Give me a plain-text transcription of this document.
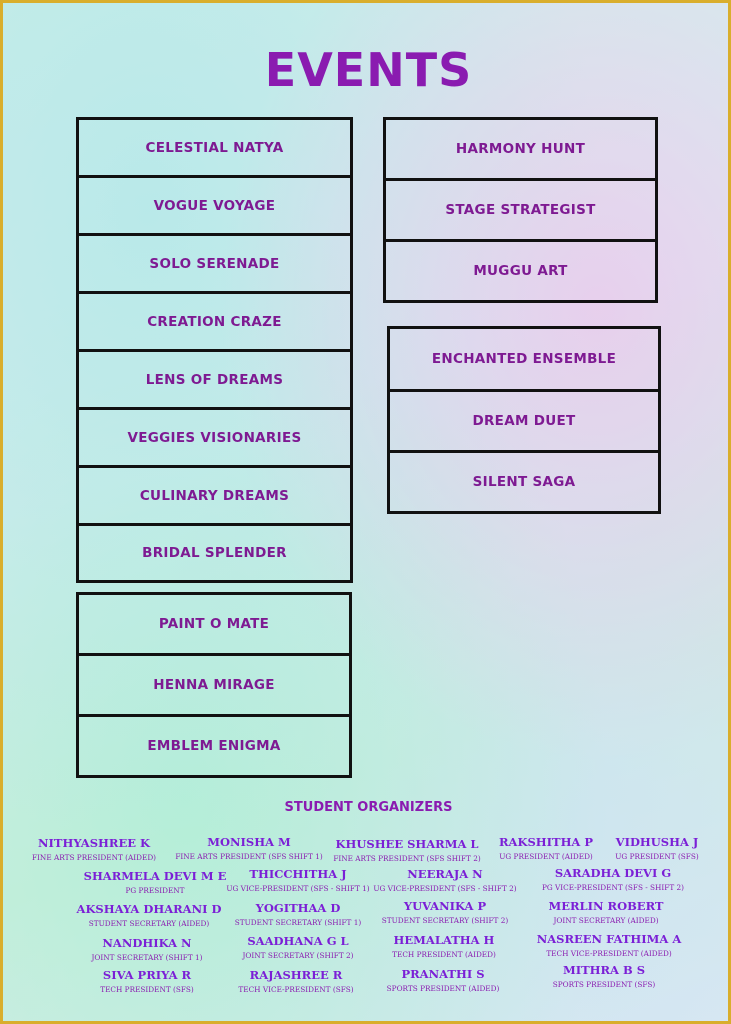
EVENTS
CELESTIAL NATYA
VOGUE VOYAGE
SOLO SERENADE
CREATION CRAZE
LENS OF DREAMS
VEGGIES VISIONARIES
CULINARY DREAMS
BRIDAL SPLENDER
PAINT O MATE
HENNA MIRAGE
EMBLEM ENIGMA
HARMONY HUNT
STAGE STRATEGIST
MUGGU ART
ENCHANTED ENSEMBLE
DREAM DUET
SILENT SAGA
STUDENT ORGANIZERS
NITHYASHREE K
FINE ARTS PRESIDENT (AIDED)
MONISHA M
FINE ARTS PRESIDENT (SFS SHIFT 1)
KHUSHEE SHARMA L
FINE ARTS PRESIDENT (SFS SHIFT 2)
RAKSHITHA P
UG PRESIDENT (AIDED)
VIDHUSHA J
UG PRESIDENT (SFS)
SHARMELA DEVI M E
PG PRESIDENT
THICCHITHA J
UG VICE-PRESIDENT (SFS - SHIFT 1)
NEERAJA N
UG VICE-PRESIDENT (SFS - SHIFT 2)
SARADHA DEVI G
PG VICE-PRESIDENT (SFS - SHIFT 2)
AKSHAYA DHARANI D
STUDENT SECRETARY (AIDED)
YOGITHAA D
STUDENT SECRETARY (SHIFT 1)
YUVANIKA P
STUDENT SECRETARY (SHIFT 2)
MERLIN ROBERT
JOINT SECRETARY (AIDED)
NANDHIKA N
JOINT SECRETARY (SHIFT 1)
SAADHANA G L
JOINT SECRETARY (SHIFT 2)
HEMALATHA H
TECH PRESIDENT (AIDED)
NASREEN FATHIMA A
TECH VICE-PRESIDENT (AIDED)
SIVA PRIYA R
TECH PRESIDENT (SFS)
RAJASHREE R
TECH VICE-PRESIDENT (SFS)
PRANATHI S
SPORTS PRESIDENT (AIDED)
MITHRA B S
SPORTS PRESIDENT (SFS)
